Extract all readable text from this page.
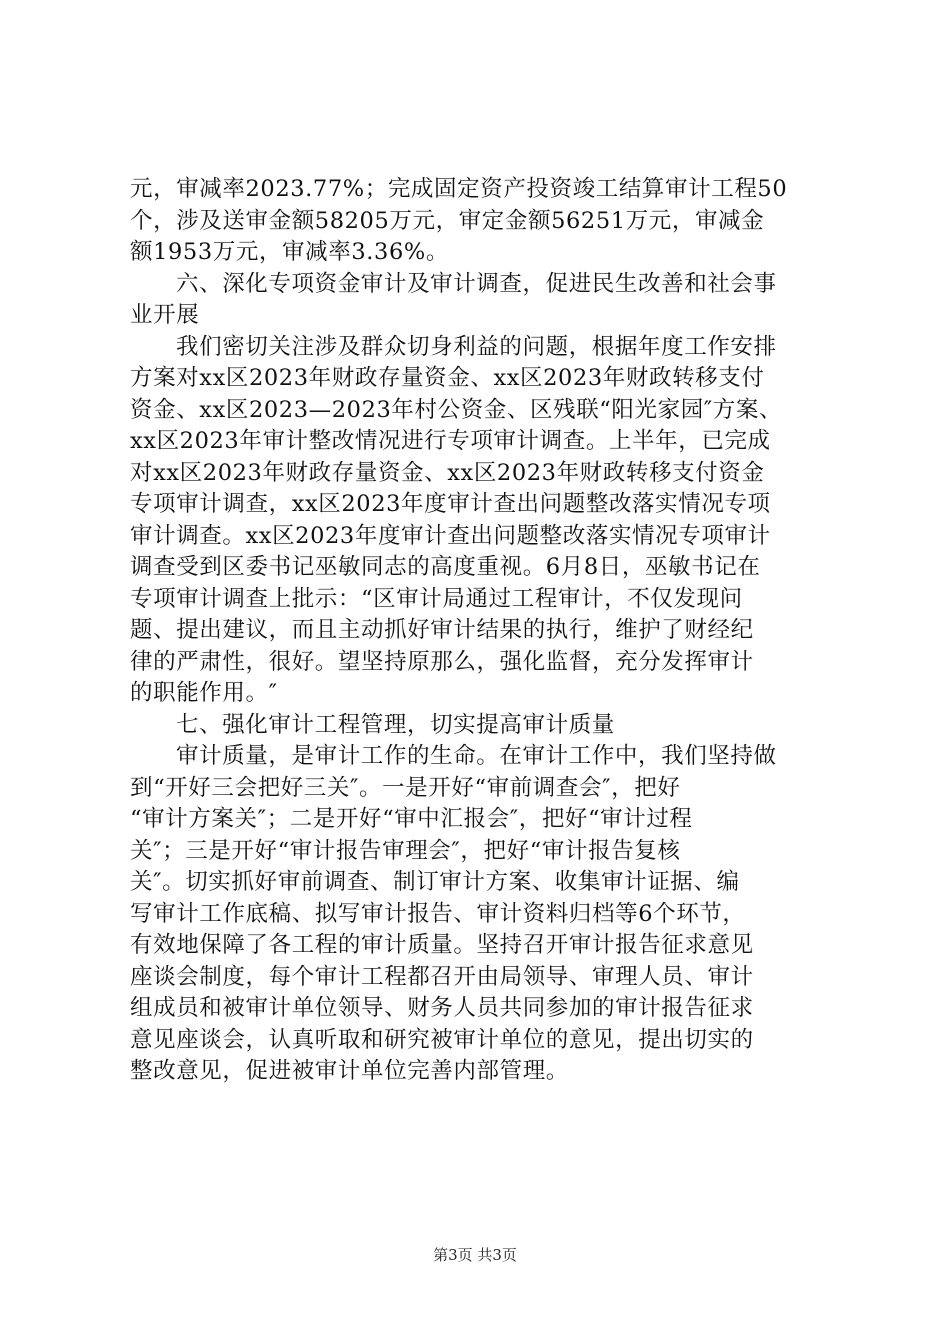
元，审减率2023.77%；完成固定资产投资竣工结算审计工程50
个，涉及送审金额58205万元，审定金额56251万元，审减金
额1953万元，审减率3.36%。
六、深化专项资金审计及审计调查，促进民生改善和社会事
业开展
我们密切关注涉及群众切身利益的问题，根据年度工作安排
方案对xx区2023年财政存量资金、xx区2023年财政转移支付
资金、xx区2023—2023年村公资金、区残联“阳光家园″方案、
xx区2023年审计整改情况进行专项审计调查。上半年，已完成
对xx区2023年财政存量资金、xx区2023年财政转移支付资金
专项审计调查，xx区2023年度审计查出问题整改落实情况专项
审计调查。xx区2023年度审计查出问题整改落实情况专项审计
调查受到区委书记巫敏同志的高度重视。6月8日，巫敏书记在
专项审计调查上批示：“区审计局通过工程审计，不仅发现问
题、提出建议，而且主动抓好审计结果的执行，维护了财经纪
律的严肃性，很好。望坚持原那么，强化监督，充分发挥审计
的职能作用。″
七、强化审计工程管理，切实提高审计质量
审计质量，是审计工作的生命。在审计工作中，我们坚持做
到“开好三会把好三关″。一是开好“审前调查会″，把好
“审计方案关″；二是开好“审中汇报会″，把好“审计过程
关″；三是开好“审计报告审理会″，把好“审计报告复核
关″。切实抓好审前调查、制订审计方案、收集审计证据、编
写审计工作底稿、拟写审计报告、审计资料归档等6个环节，
有效地保障了各工程的审计质量。坚持召开审计报告征求意见
座谈会制度，每个审计工程都召开由局领导、审理人员、审计
组成员和被审计单位领导、财务人员共同参加的审计报告征求
意见座谈会，认真听取和研究被审计单位的意见，提出切实的
整改意见，促进被审计单位完善内部管理。
第3页 共3页
